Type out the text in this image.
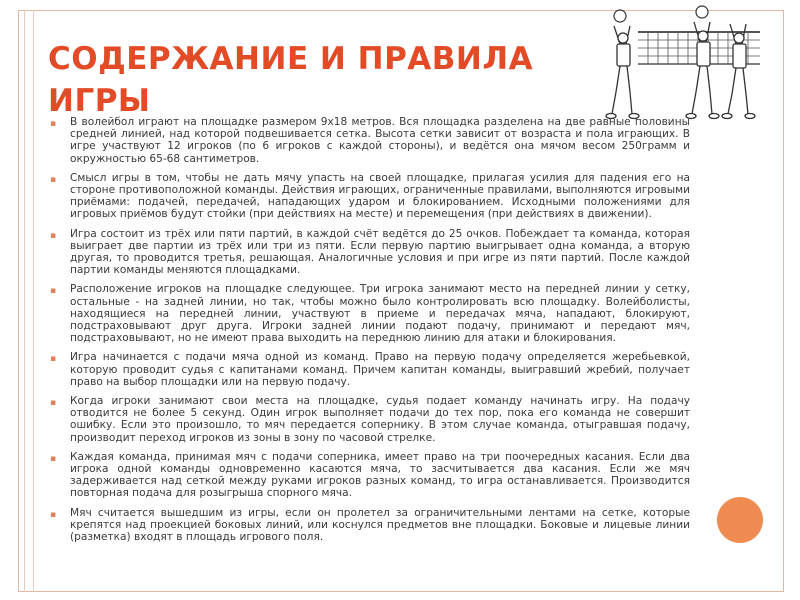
СОДЕРЖАНИЕ И ПРАВИЛА ИГРЫ
▪ В волейбол играют на площадке размером 9х18 метров. Вся площадка разделена на две равные половины средней линией, над которой подвешивается сетка. Высота сетки зависит от возраста и пола играющих. В игре участвуют 12 игроков (по 6 игроков с каждой стороны), и ведётся она мячом весом 250грамм и окружностью 65-68 сантиметров.
▪ Смысл игры в том, чтобы не дать мячу упасть на своей площадке, прилагая усилия для падения его на стороне противоположной команды. Действия играющих, ограниченные правилами, выполняются игровыми приёмами: подачей, передачей, нападающих ударом и блокированием. Исходными положениями для игровых приёмов будут стойки (при действиях на месте) и перемещения (при действиях в движении).
▪ Игра состоит из трёх или пяти партий, в каждой счёт ведётся до 25 очков. Побеждает та команда, которая выиграет две партии из трёх или три из пяти. Если первую партию выигрывает одна команда, а вторую другая, то проводится третья, решающая. Аналогичные условия и при игре из пяти партий. После каждой партии команды меняются площадками.
▪ Расположение игроков на площадке следующее. Три игрока занимают место на передней линии у сетку, остальные - на задней линии, но так, чтобы можно было контролировать всю площадку. Волейболисты, находящиеся на передней линии, участвуют в приеме и передачах мяча, нападают, блокируют, подстраховывают друг друга. Игроки задней линии подают подачу, принимают и передают мяч, подстраховывают, но не имеют права выходить на переднюю линию для атаки и блокирования.
▪ Игра начинается с подачи мяча одной из команд. Право на первую подачу определяется жеребьевкой, которую проводит судья с капитанами команд. Причем капитан команды, выигравший жребий, получает право на выбор площадки или на первую подачу.
▪ Когда игроки занимают свои места на площадке, судья подает команду начинать игру. На подачу отводится не более 5 секунд. Один игрок выполняет подачи до тех пор, пока его команда не совершит ошибку. Если это произошло, то мяч передается сопернику. В этом случае команда, отыгравшая подачу, производит переход игроков из зоны в зону по часовой стрелке.
▪ Каждая команда, принимая мяч с подачи соперника, имеет право на три поочередных касания. Если два игрока одной команды одновременно касаются мяча, то засчитывается два касания. Если же мяч задерживается над сеткой между руками игроков разных команд, то игра останавливается. Производится повторная подача для розыгрыша спорного мяча.
▪ Мяч считается вышедшим из игры, если он пролетел за ограничительными лентами на сетке, которые крепятся над проекцией боковых линий, или коснулся предметов вне площадки. Боковые и лицевые линии (разметка) входят в площадь игрового поля.
